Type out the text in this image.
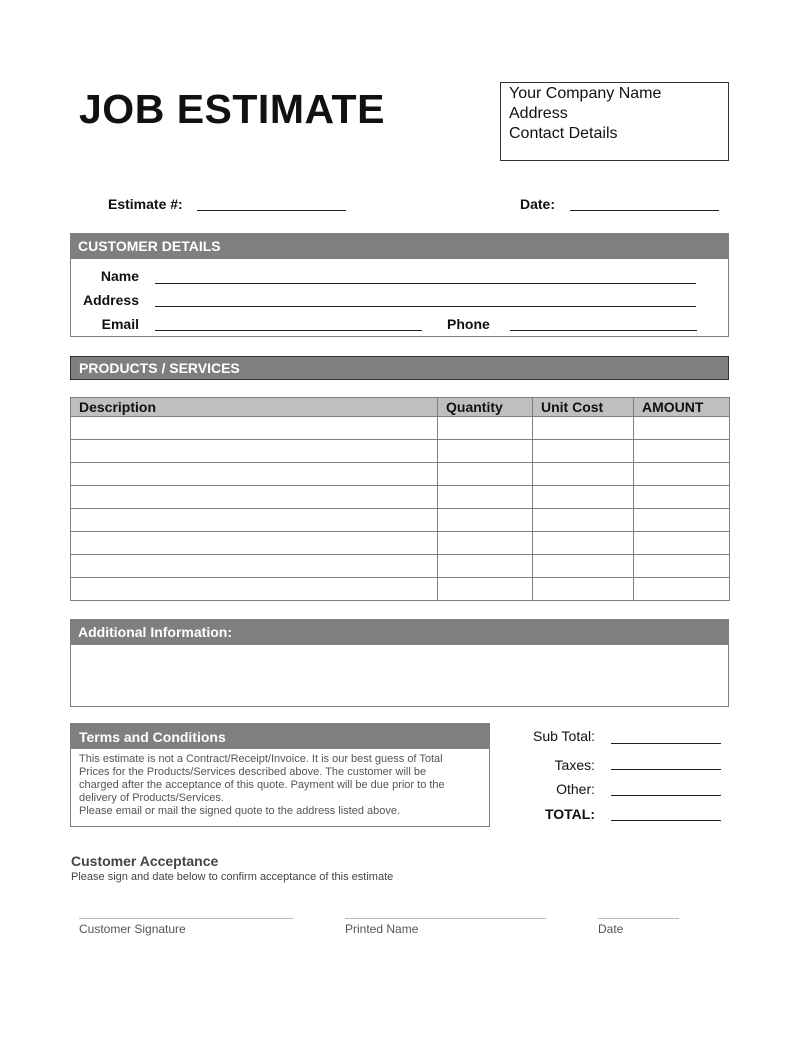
JOB ESTIMATE	Your Company Name
Address
Contact Details
Estimate #:	Date:
CUSTOMER DETAILS
Name
Address
Email	Phone
PRODUCTS / SERVICES
Description	Quantity	Unit Cost	AMOUNT

Additional Information:
Terms and Conditions
This estimate is not a Contract/Receipt/Invoice. It is our best guess of Total
Prices for the Products/Services described above. The customer will be
charged after the acceptance of this quote. Payment will be due prior to the
delivery of Products/Services.
Please email or mail the signed quote to the address listed above.
Sub Total:
Taxes:
Other:
TOTAL:
Customer Acceptance
Please sign and date below to confirm acceptance of this estimate
Customer Signature	Printed Name	Date
